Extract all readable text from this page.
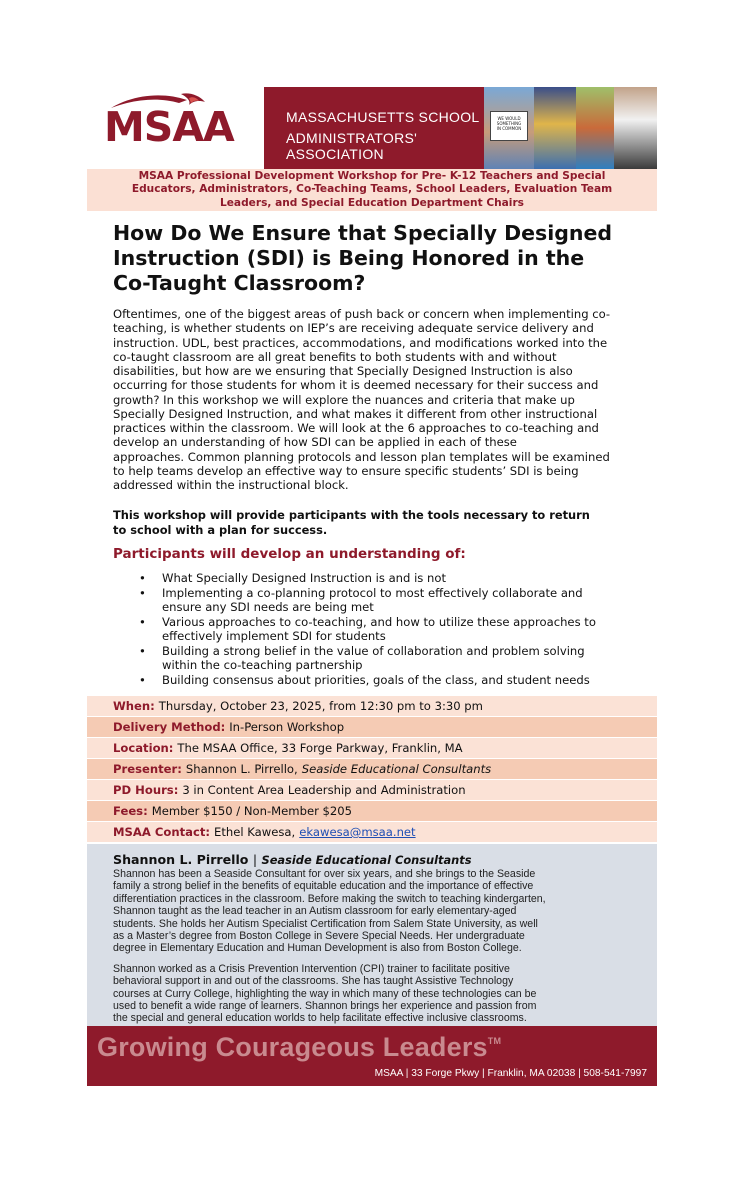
MSAA	MASSACHUSETTS SCHOOL
ADMINISTRATORS' ASSOCIATION
WE WOULD
SOMETHING
IN COMMON

MSAA Professional Development Workshop for Pre- K-12 Teachers and Special

Educators, Administrators, Co-Teaching Teams, School Leaders, Evaluation Team

Leaders, and Special Education Department Chairs

How Do We Ensure that Specially Designed
Instruction (SDI) is Being Honored in the
Co-Taught Classroom?
Oftentimes, one of the biggest areas of push back or concern when implementing co-
teaching, is whether students on IEP’s are receiving adequate service delivery and
instruction. UDL, best practices, accommodations, and modifications worked into the
co-taught classroom are all great benefits to both students with and without
disabilities, but how are we ensuring that Specially Designed Instruction is also
occurring for those students for whom it is deemed necessary for their success and
growth? In this workshop we will explore the nuances and criteria that make up
Specially Designed Instruction, and what makes it different from other instructional
practices within the classroom. We will look at the 6 approaches to co-teaching and
develop an understanding of how SDI can be applied in each of these
approaches. Common planning protocols and lesson plan templates will be examined
to help teams develop an effective way to ensure specific students’ SDI is being
addressed within the instructional block.
This workshop will provide participants with the tools necessary to return
to school with a plan for success.
Participants will develop an understanding of:
• What Specially Designed Instruction is and is not
• Implementing a co-planning protocol to most effectively collaborate and
ensure any SDI needs are being met
• Various approaches to co-teaching, and how to utilize these approaches to
effectively implement SDI for students
• Building a strong belief in the value of collaboration and problem solving
within the co-teaching partnership
• Building consensus about priorities, goals of the class, and student needs
When: Thursday, October 23, 2025, from 12:30 pm to 3:30 pm
Delivery Method: In-Person Workshop
Location: The MSAA Office, 33 Forge Parkway, Franklin, MA
Presenter: Shannon L. Pirrello, Seaside Educational Consultants
PD Hours: 3 in Content Area Leadership and Administration
Fees: Member $150 / Non-Member $205
MSAA Contact: Ethel Kawesa, ekawesa@msaa.net
Shannon L. Pirrello | Seaside Educational Consultants

Shannon has been a Seaside Consultant for over six years, and she brings to the Seaside
family a strong belief in the benefits of equitable education and the importance of effective
differentiation practices in the classroom. Before making the switch to teaching kindergarten,
Shannon taught as the lead teacher in an Autism classroom for early elementary-aged
students. She holds her Autism Specialist Certification from Salem State University, as well
as a Master’s degree from Boston College in Severe Special Needs. Her undergraduate
degree in Elementary Education and Human Development is also from Boston College.

Shannon worked as a Crisis Prevention Intervention (CPI) trainer to facilitate positive
behavioral support in and out of the classrooms. She has taught Assistive Technology
courses at Curry College, highlighting the way in which many of these technologies can be
used to benefit a wide range of learners. Shannon brings her experience and passion from
the special and general education worlds to help facilitate effective inclusive classrooms.

Growing Courageous Leaders™
MSAA | 33 Forge Pkwy | Franklin, MA 02038 | 508-541-7997
